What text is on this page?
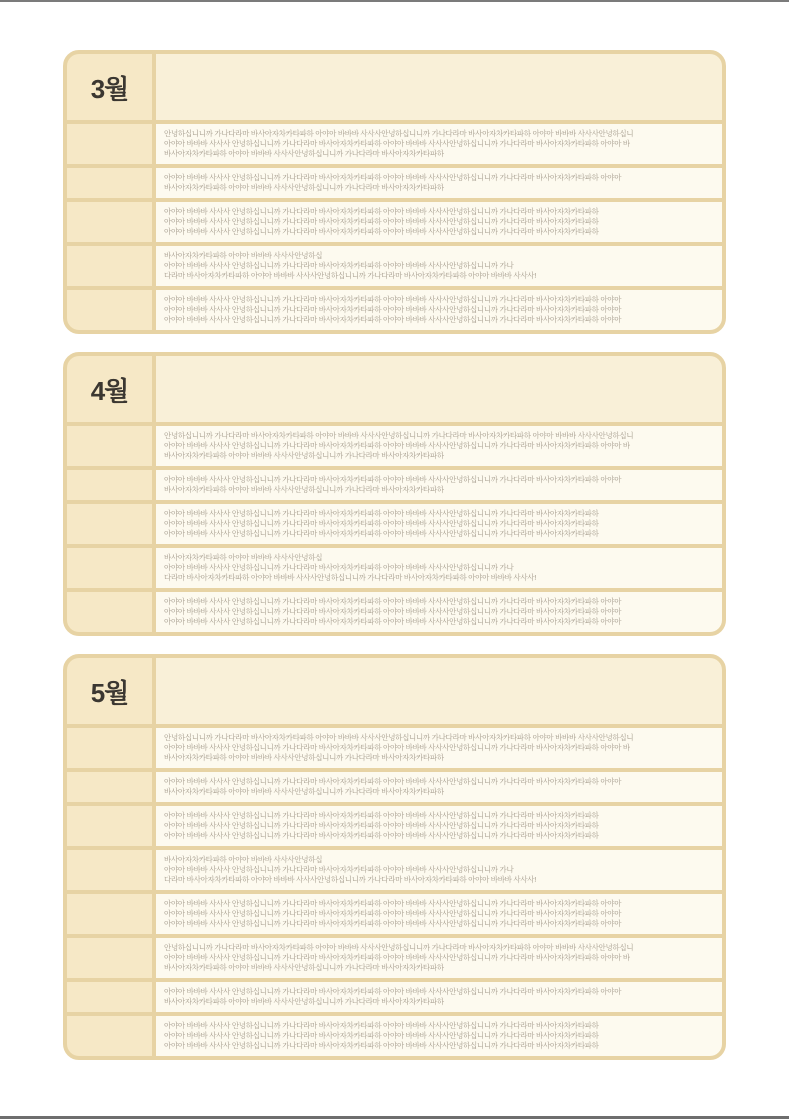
3월
안녕하십니니까 가나다라마 바사아자차카타파하 아야아 바바바 사사사안녕하십니니까 가나다라마 바사아자차카타파하 아야아 바바바 사사사안녕하십니
아야아 바바바 사사사 안녕하십니니까 가나다라마 바사아자차카타파하 아야아 바바바 사사사안녕하십니니까 가나다라마 바사아자차카타파하 아야아 바
바사아자차카타파하 아야아 바바바 사사사안녕하십니니까 가나다라마 바사아자차카타파하
아야아 바바바 사사사 안녕하십니니까 가나다라마 바사아자차카타파하 아야아 바바바 사사사안녕하십니니까 가나다라마 바사아자차카타파하 아야아
바사아자차카타파하 아야아 바바바 사사사안녕하십니니까 가나다라마 바사아자차카타파하
아야아 바바바 사사사 안녕하십니니까 가나다라마 바사아자차카타파하 아야아 바바바 사사사안녕하십니니까 가나다라마 바사아자차카타파하
아야아 바바바 사사사 안녕하십니니까 가나다라마 바사아자차카타파하 아야아 바바바 사사사안녕하십니니까 가나다라마 바사아자차카타파하
아야아 바바바 사사사 안녕하십니니까 가나다라마 바사아자차카타파하 아야아 바바바 사사사안녕하십니니까 가나다라마 바사아자차카타파하
바사아자차카타파하 아야아 바바바 사사사안녕하십
아야아 바바바 사사사 안녕하십니니까 가나다라마 바사아자차카타파하 아야아 바바바 사사사안녕하십니니까 가나
다라마 바사아자차카타파하 아야아 바바바 사사사안녕하십니니까 가나다라마 바사아자차카타파하 아야아 바바바 사사사!
아야아 바바바 사사사 안녕하십니니까 가나다라마 바사아자차카타파하 아야아 바바바 사사사안녕하십니니까 가나다라마 바사아자차카타파하 아야아
아야아 바바바 사사사 안녕하십니니까 가나다라마 바사아자차카타파하 아야아 바바바 사사사안녕하십니니까 가나다라마 바사아자차카타파하 아야아
아야아 바바바 사사사 안녕하십니니까 가나다라마 바사아자차카타파하 아야아 바바바 사사사안녕하십니니까 가나다라마 바사아자차카타파하 아야아
4월
안녕하십니니까 가나다라마 바사아자차카타파하 아야아 바바바 사사사안녕하십니니까 가나다라마 바사아자차카타파하 아야아 바바바 사사사안녕하십니
아야아 바바바 사사사 안녕하십니니까 가나다라마 바사아자차카타파하 아야아 바바바 사사사안녕하십니니까 가나다라마 바사아자차카타파하 아야아 바
바사아자차카타파하 아야아 바바바 사사사안녕하십니니까 가나다라마 바사아자차카타파하
아야아 바바바 사사사 안녕하십니니까 가나다라마 바사아자차카타파하 아야아 바바바 사사사안녕하십니니까 가나다라마 바사아자차카타파하 아야아
바사아자차카타파하 아야아 바바바 사사사안녕하십니니까 가나다라마 바사아자차카타파하
아야아 바바바 사사사 안녕하십니니까 가나다라마 바사아자차카타파하 아야아 바바바 사사사안녕하십니니까 가나다라마 바사아자차카타파하
아야아 바바바 사사사 안녕하십니니까 가나다라마 바사아자차카타파하 아야아 바바바 사사사안녕하십니니까 가나다라마 바사아자차카타파하
아야아 바바바 사사사 안녕하십니니까 가나다라마 바사아자차카타파하 아야아 바바바 사사사안녕하십니니까 가나다라마 바사아자차카타파하
바사아자차카타파하 아야아 바바바 사사사안녕하십
아야아 바바바 사사사 안녕하십니니까 가나다라마 바사아자차카타파하 아야아 바바바 사사사안녕하십니니까 가나
다라마 바사아자차카타파하 아야아 바바바 사사사안녕하십니니까 가나다라마 바사아자차카타파하 아야아 바바바 사사사!
아야아 바바바 사사사 안녕하십니니까 가나다라마 바사아자차카타파하 아야아 바바바 사사사안녕하십니니까 가나다라마 바사아자차카타파하 아야아
아야아 바바바 사사사 안녕하십니니까 가나다라마 바사아자차카타파하 아야아 바바바 사사사안녕하십니니까 가나다라마 바사아자차카타파하 아야아
아야아 바바바 사사사 안녕하십니니까 가나다라마 바사아자차카타파하 아야아 바바바 사사사안녕하십니니까 가나다라마 바사아자차카타파하 아야아
5월
안녕하십니니까 가나다라마 바사아자차카타파하 아야아 바바바 사사사안녕하십니니까 가나다라마 바사아자차카타파하 아야아 바바바 사사사안녕하십니
아야아 바바바 사사사 안녕하십니니까 가나다라마 바사아자차카타파하 아야아 바바바 사사사안녕하십니니까 가나다라마 바사아자차카타파하 아야아 바
바사아자차카타파하 아야아 바바바 사사사안녕하십니니까 가나다라마 바사아자차카타파하
아야아 바바바 사사사 안녕하십니니까 가나다라마 바사아자차카타파하 아야아 바바바 사사사안녕하십니니까 가나다라마 바사아자차카타파하 아야아
바사아자차카타파하 아야아 바바바 사사사안녕하십니니까 가나다라마 바사아자차카타파하
아야아 바바바 사사사 안녕하십니니까 가나다라마 바사아자차카타파하 아야아 바바바 사사사안녕하십니니까 가나다라마 바사아자차카타파하
아야아 바바바 사사사 안녕하십니니까 가나다라마 바사아자차카타파하 아야아 바바바 사사사안녕하십니니까 가나다라마 바사아자차카타파하
아야아 바바바 사사사 안녕하십니니까 가나다라마 바사아자차카타파하 아야아 바바바 사사사안녕하십니니까 가나다라마 바사아자차카타파하
바사아자차카타파하 아야아 바바바 사사사안녕하십
아야아 바바바 사사사 안녕하십니니까 가나다라마 바사아자차카타파하 아야아 바바바 사사사안녕하십니니까 가나
다라마 바사아자차카타파하 아야아 바바바 사사사안녕하십니니까 가나다라마 바사아자차카타파하 아야아 바바바 사사사!
아야아 바바바 사사사 안녕하십니니까 가나다라마 바사아자차카타파하 아야아 바바바 사사사안녕하십니니까 가나다라마 바사아자차카타파하 아야아
아야아 바바바 사사사 안녕하십니니까 가나다라마 바사아자차카타파하 아야아 바바바 사사사안녕하십니니까 가나다라마 바사아자차카타파하 아야아
아야아 바바바 사사사 안녕하십니니까 가나다라마 바사아자차카타파하 아야아 바바바 사사사안녕하십니니까 가나다라마 바사아자차카타파하 아야아
안녕하십니니까 가나다라마 바사아자차카타파하 아야아 바바바 사사사안녕하십니니까 가나다라마 바사아자차카타파하 아야아 바바바 사사사안녕하십니
아야아 바바바 사사사 안녕하십니니까 가나다라마 바사아자차카타파하 아야아 바바바 사사사안녕하십니니까 가나다라마 바사아자차카타파하 아야아 바
바사아자차카타파하 아야아 바바바 사사사안녕하십니니까 가나다라마 바사아자차카타파하
아야아 바바바 사사사 안녕하십니니까 가나다라마 바사아자차카타파하 아야아 바바바 사사사안녕하십니니까 가나다라마 바사아자차카타파하 아야아
바사아자차카타파하 아야아 바바바 사사사안녕하십니니까 가나다라마 바사아자차카타파하
아야아 바바바 사사사 안녕하십니니까 가나다라마 바사아자차카타파하 아야아 바바바 사사사안녕하십니니까 가나다라마 바사아자차카타파하
아야아 바바바 사사사 안녕하십니니까 가나다라마 바사아자차카타파하 아야아 바바바 사사사안녕하십니니까 가나다라마 바사아자차카타파하
아야아 바바바 사사사 안녕하십니니까 가나다라마 바사아자차카타파하 아야아 바바바 사사사안녕하십니니까 가나다라마 바사아자차카타파하
